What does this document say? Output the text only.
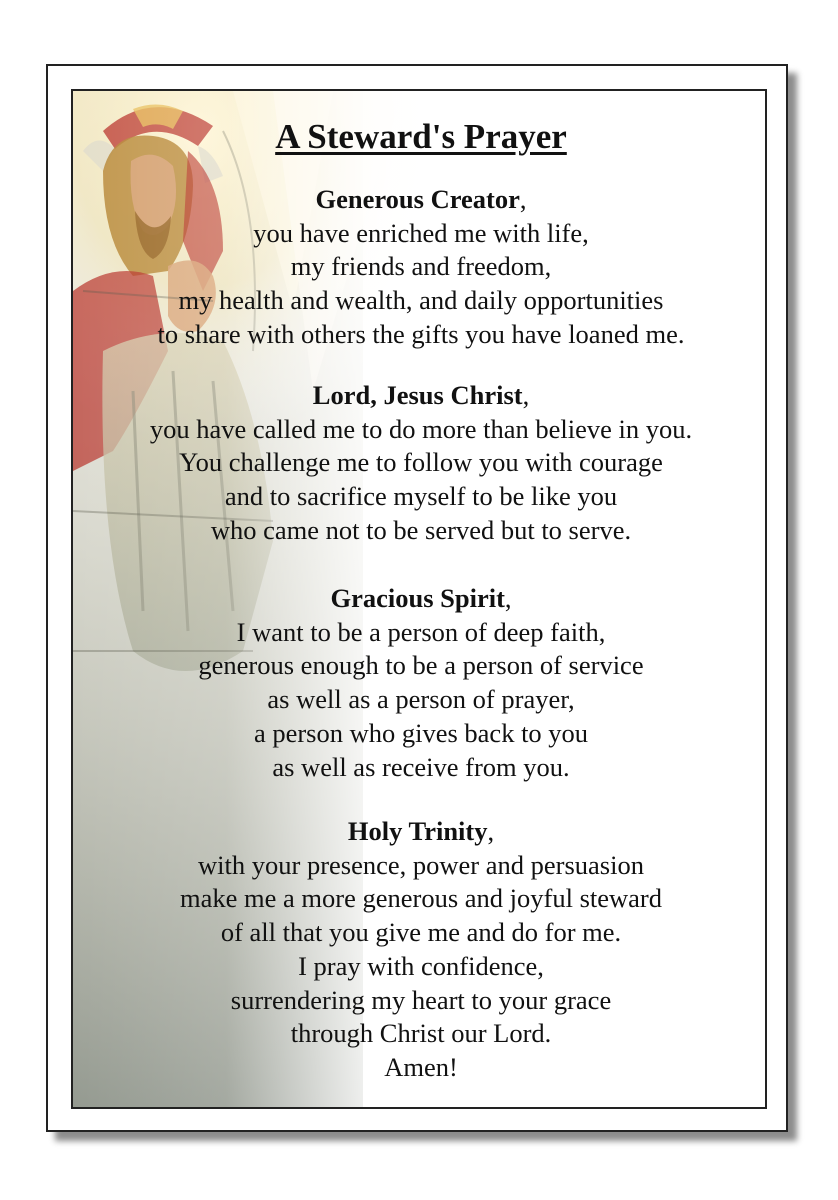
A Steward's Prayer
Generous Creator,
you have enriched me with life,
my friends and freedom,
my health and wealth, and daily opportunities
to share with others the gifts you have loaned me.
Lord, Jesus Christ,
you have called me to do more than believe in you.
You challenge me to follow you with courage
and to sacrifice myself to be like you
who came not to be served but to serve.
Gracious Spirit,
I want to be a person of deep faith,
generous enough to be a person of service
as well as a person of prayer,
a person who gives back to you
as well as receive from you.
Holy Trinity,
with your presence, power and persuasion
make me a more generous and joyful steward
of all that you give me and do for me.
I pray with confidence,
surrendering my heart to your grace
through Christ our Lord.
Amen!
